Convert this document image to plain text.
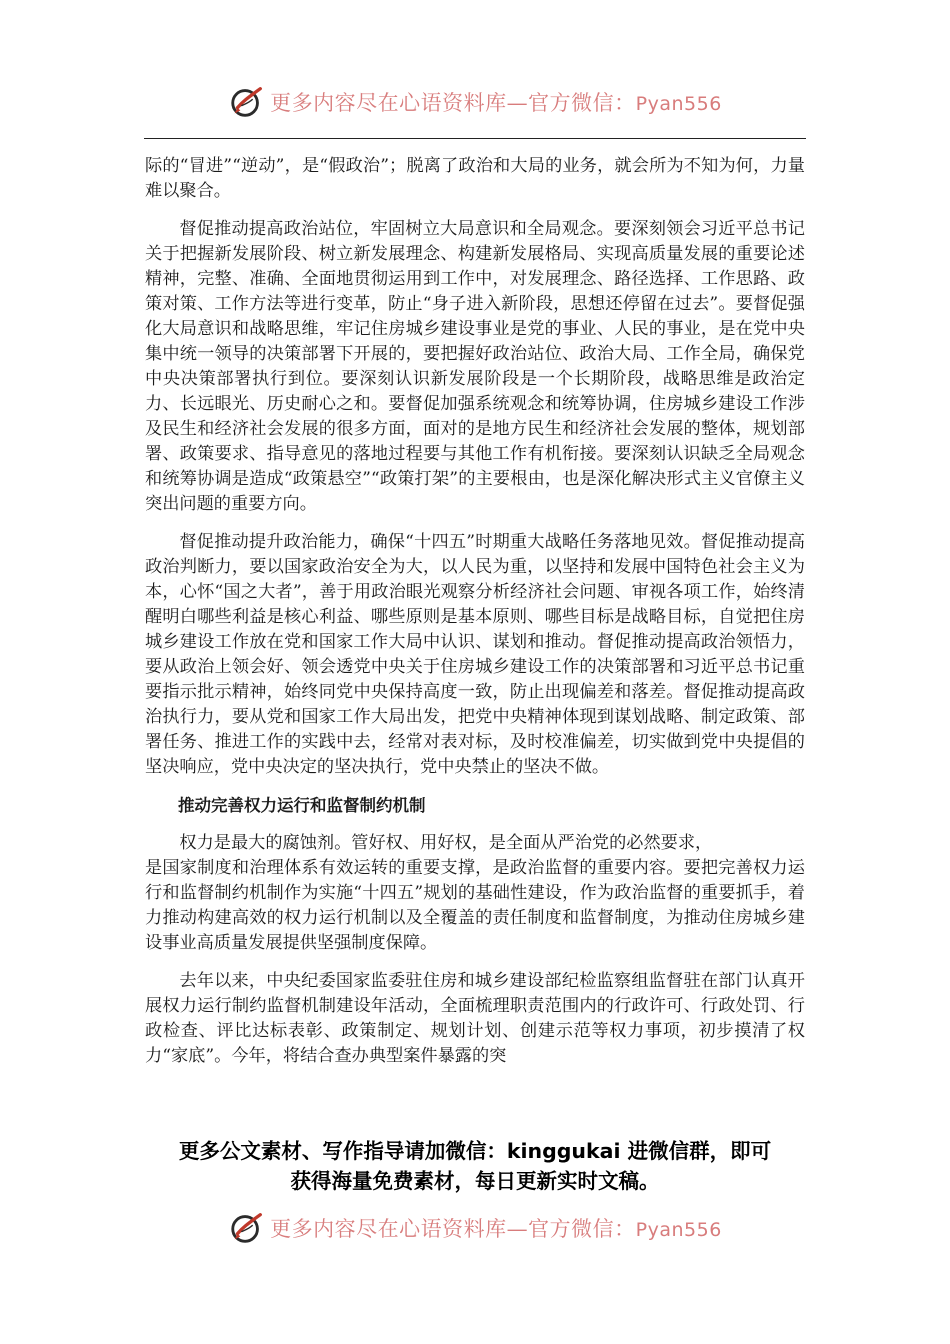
更多内容尽在心语资料库—官方微信：Pyan556

际的“冒进”“逆动”，是“假政治”；脱离了政治和大局的业务，就会所为不知为何，力量难以聚合。

督促推动提高政治站位，牢固树立大局意识和全局观念。要深刻领会习近平总书记关于把握新发展阶段、树立新发展理念、构建新发展格局、实现高质量发展的重要论述精神，完整、准确、全面地贯彻运用到工作中，对发展理念、路径选择、工作思路、政策对策、工作方法等进行变革，防止“身子进入新阶段，思想还停留在过去”。要督促强化大局意识和战略思维，牢记住房城乡建设事业是党的事业、人民的事业，是在党中央集中统一领导的决策部署下开展的，要把握好政治站位、政治大局、工作全局，确保党中央决策部署执行到位。要深刻认识新发展阶段是一个长期阶段，战略思维是政治定力、长远眼光、历史耐心之和。要督促加强系统观念和统筹协调，住房城乡建设工作涉及民生和经济社会发展的很多方面，面对的是地方民生和经济社会发展的整体，规划部署、政策要求、指导意见的落地过程要与其他工作有机衔接。要深刻认识缺乏全局观念和统筹协调是造成“政策悬空”“政策打架”的主要根由，也是深化解决形式主义官僚主义突出问题的重要方向。

督促推动提升政治能力，确保“十四五”时期重大战略任务落地见效。督促推动提高政治判断力，要以国家政治安全为大，以人民为重，以坚持和发展中国特色社会主义为本，心怀“国之大者”，善于用政治眼光观察分析经济社会问题、审视各项工作，始终清醒明白哪些利益是核心利益、哪些原则是基本原则、哪些目标是战略目标，自觉把住房城乡建设工作放在党和国家工作大局中认识、谋划和推动。督促推动提高政治领悟力，要从政治上领会好、领会透党中央关于住房城乡建设工作的决策部署和习近平总书记重要指示批示精神，始终同党中央保持高度一致，防止出现偏差和落差。督促推动提高政治执行力，要从党和国家工作大局出发，把党中央精神体现到谋划战略、制定政策、部署任务、推进工作的实践中去，经常对表对标，及时校准偏差，切实做到党中央提倡的坚决响应，党中央决定的坚决执行，党中央禁止的坚决不做。

推动完善权力运行和监督制约机制

权力是最大的腐蚀剂。管好权、用好权，是全面从严治党的必然要求，

是国家制度和治理体系有效运转的重要支撑，是政治监督的重要内容。要把完善权力运行和监督制约机制作为实施“十四五”规划的基础性建设，作为政治监督的重要抓手，着力推动构建高效的权力运行机制以及全覆盖的责任制度和监督制度，为推动住房城乡建设事业高质量发展提供坚强制度保障。

去年以来，中央纪委国家监委驻住房和城乡建设部纪检监察组监督驻在部门认真开展权力运行制约监督机制建设年活动，全面梳理职责范围内的行政许可、行政处罚、行政检查、评比达标表彰、政策制定、规划计划、创建示范等权力事项，初步摸清了权力“家底”。今年，将结合查办典型案件暴露的突

更多公文素材、写作指导请加微信：kinggukai 进微信群，即可
获得海量免费素材，每日更新实时文稿。
更多内容尽在心语资料库—官方微信：Pyan556
